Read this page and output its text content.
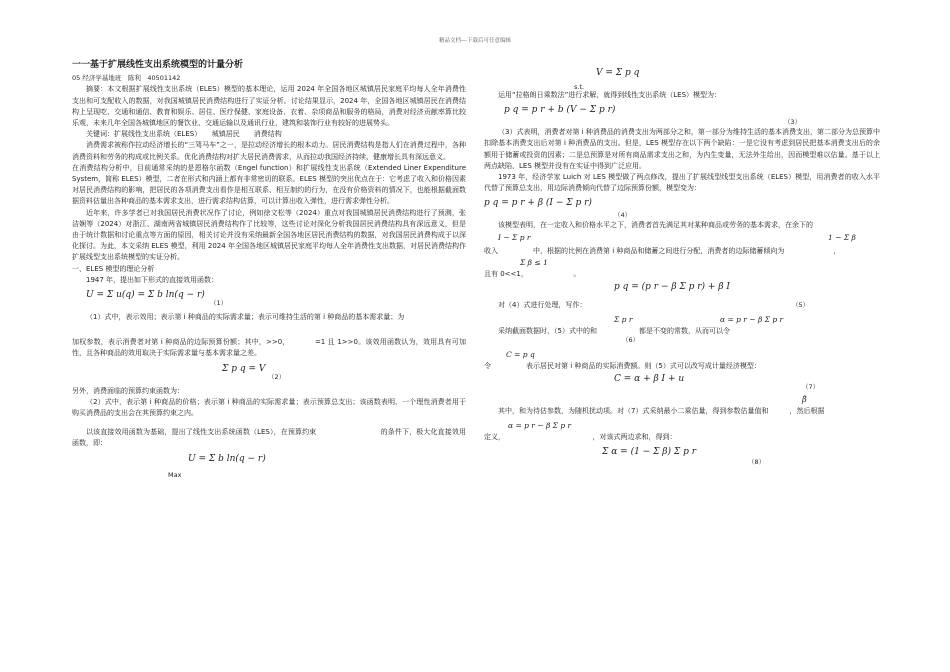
精品文档---下载后可任意编辑
一一基于扩展线性支出系统模型的计量分析
05 经济学基地班　陈利　40501142

摘要：本文根据扩展线性支出系统（ELES）模型的基本理论，运用 2024 年全国各地区城镇居民家庭平均每人全年消费性支出和可支配收入的数据，对我国城镇居民消费结构进行了实证分析。讨论结果显示，2024 年，全国各地区城镇居民在消费结构上呈现吃、交通和通信、教育和娱乐、居住、医疗保健、家庭设备、衣着、杂项商品和服务的格局，消费对经济贡献率算比较乐观，未来几年全国各城镇地区的餐饮业、交通运输以及通讯行业，建筑和装饰行业有较好的进展势头。

关键词：扩展线性支出系统（ELES）　　城镇居民　　消费结构

消费需求被称作拉动经济增长的“三驾马车”之一，是拉动经济增长的根本动力。居民消费结构是指人们在消费过程中，各种消费资料和劳务的构成或比例关系。优化消费结构对扩大居民消费需求，从而拉动我国经济持续、健康增长具有深远意义。

在消费结构分析中，目前通常采纳的是恩格尔函数（Engel function）和扩展线性支出系统（Extended Liner Expenditure System，简称 ELES）模型，二者在形式和内涵上都有非常密切的联系。ELES 模型的突出优点在于：它考虑了收入和价格因素对居民消费结构的影响，把居民的各项消费支出看作是相互联系、相互制约的行为，在没有价格资料的情况下，也能根据截面数据资料估量出各种商品的基本需求支出，进行需求结构估算，可以计算出收入弹性，进行需求弹性分析。

近年来，许多学者已对我国居民消费状况作了讨论，例如徐文松等（2024）重点对我国城镇居民消费结构进行了预测，张洁娴等（2024）对浙江、湖南两省城镇居民消费结构作了比较等，这些讨论对深化分析我国居民消费结构具有深远意义，但是由于统计数据和讨论重点等方面的原因，相关讨论并没有采纳最新全国各地区居民消费结构的数据，对我国居民消费构成于以深化探讨。为此，本文采纳 ELES 模型，利用 2024 年全国各地区城镇居民家庭平均每人全年消费性支出数据，对居民消费结构作扩展线型支出系统模型的实证分析。

一、ELES 模型的理论分析

1947 年，提出如下形式的直接效用函数：

U = Σ u(q) = Σ b ln(q − r)
（1）

（1）式中，表示效用；表示第 i 种商品的实际需求量；表示可维持生活的第 i 种商品的基本需求量；为

加权参数，表示消费者对第 i 种商品的边际预算份额；其中，>>0，　　　　=1 且 1>>0。该效用函数认为，效用具有可加性，且各种商品的效用取决于实际需求量与基本需求量之差。

Σ p q = V
（2）

另外，消费面临的预算约束函数为：

（2）式中，表示第 i 种商品的价格；表示第 i 种商品的实际需求量；表示预算总支出；该函数表明，一个理性消费者用于购买消费品的支出会在其预算约束之内。

以该直接效用函数为基础，提出了线性支出系统函数（LES），在预算约束　　　　　　　　　的条件下，极大化直接效用函数，即：

U = Σ b ln(q − r)
Max
V = Σ p q
s.t.

运用“拉格朗日乘数法”进行求解，就得到线性支出系统（LES）模型为：

p q = p r + b (V − Σ p r)
（3）

（3）式表明，消费者对第 i 种消费品的消费支出为两部分之和，第一部分为维持生活的基本消费支出，第二部分为总预算中扣除基本消费支出后对第 i 种消费品的支出。但是，LES 模型存在以下两个缺陷：一是它没有考虑到居民把基本消费支出后的余额用于储蓄或投资的因素；二是总预算是对所有商品需求支出之和，为内生变量，无法外生给出，因而模型难以估量。基于以上两点缺陷，LES 模型并没有在实证中得到广泛应用。

1973 年，经济学家 Luich 对 LES 模型做了两点修改，提出了扩展线型线型支出系统（ELES）模型，用消费者的收入水平代替了预算总支出，用边际消费倾向代替了边际预算份额，模型变为：

p q = p r + β (I − Σ p r)
（4）

该模型表明，在一定收入和价格水平之下，消费者首先满足其对某种商品或劳务的基本需求，在余下的

I − Σ p r	1 − Σ β

收入　　　　　中，根据的比例在消费第 i 种商品和储蓄之间进行分配，消费者的边际储蓄倾向为　　　　　　　，

Σ β ≤ 1

且有 0<<1，　　　　　　　。

p q = (p r − β Σ p r) + β I
对（4）式进行处理，写作：	（5）
Σ p r	α = p r − β Σ p r

采纳截面数据时，（5）式中的和　　　　　　都是不变的常数，从而可以令

（6）
C = p q

令　　　　　表示居民对第 i 种商品的实际消费额。则（5）式可以改写成计量经济模型：

C = α + β I + u
（7）
β̂

其中，和为待估参数，为随机扰动项。对（7）式采纳最小二乘估量，得到参数估量值和　　　，然后根据

α = p r − β Σ p r

定义，　　　　　　　　　　　　　，对该式两边求和，得到：

Σ α = (1 − Σ β) Σ p r
（8）
